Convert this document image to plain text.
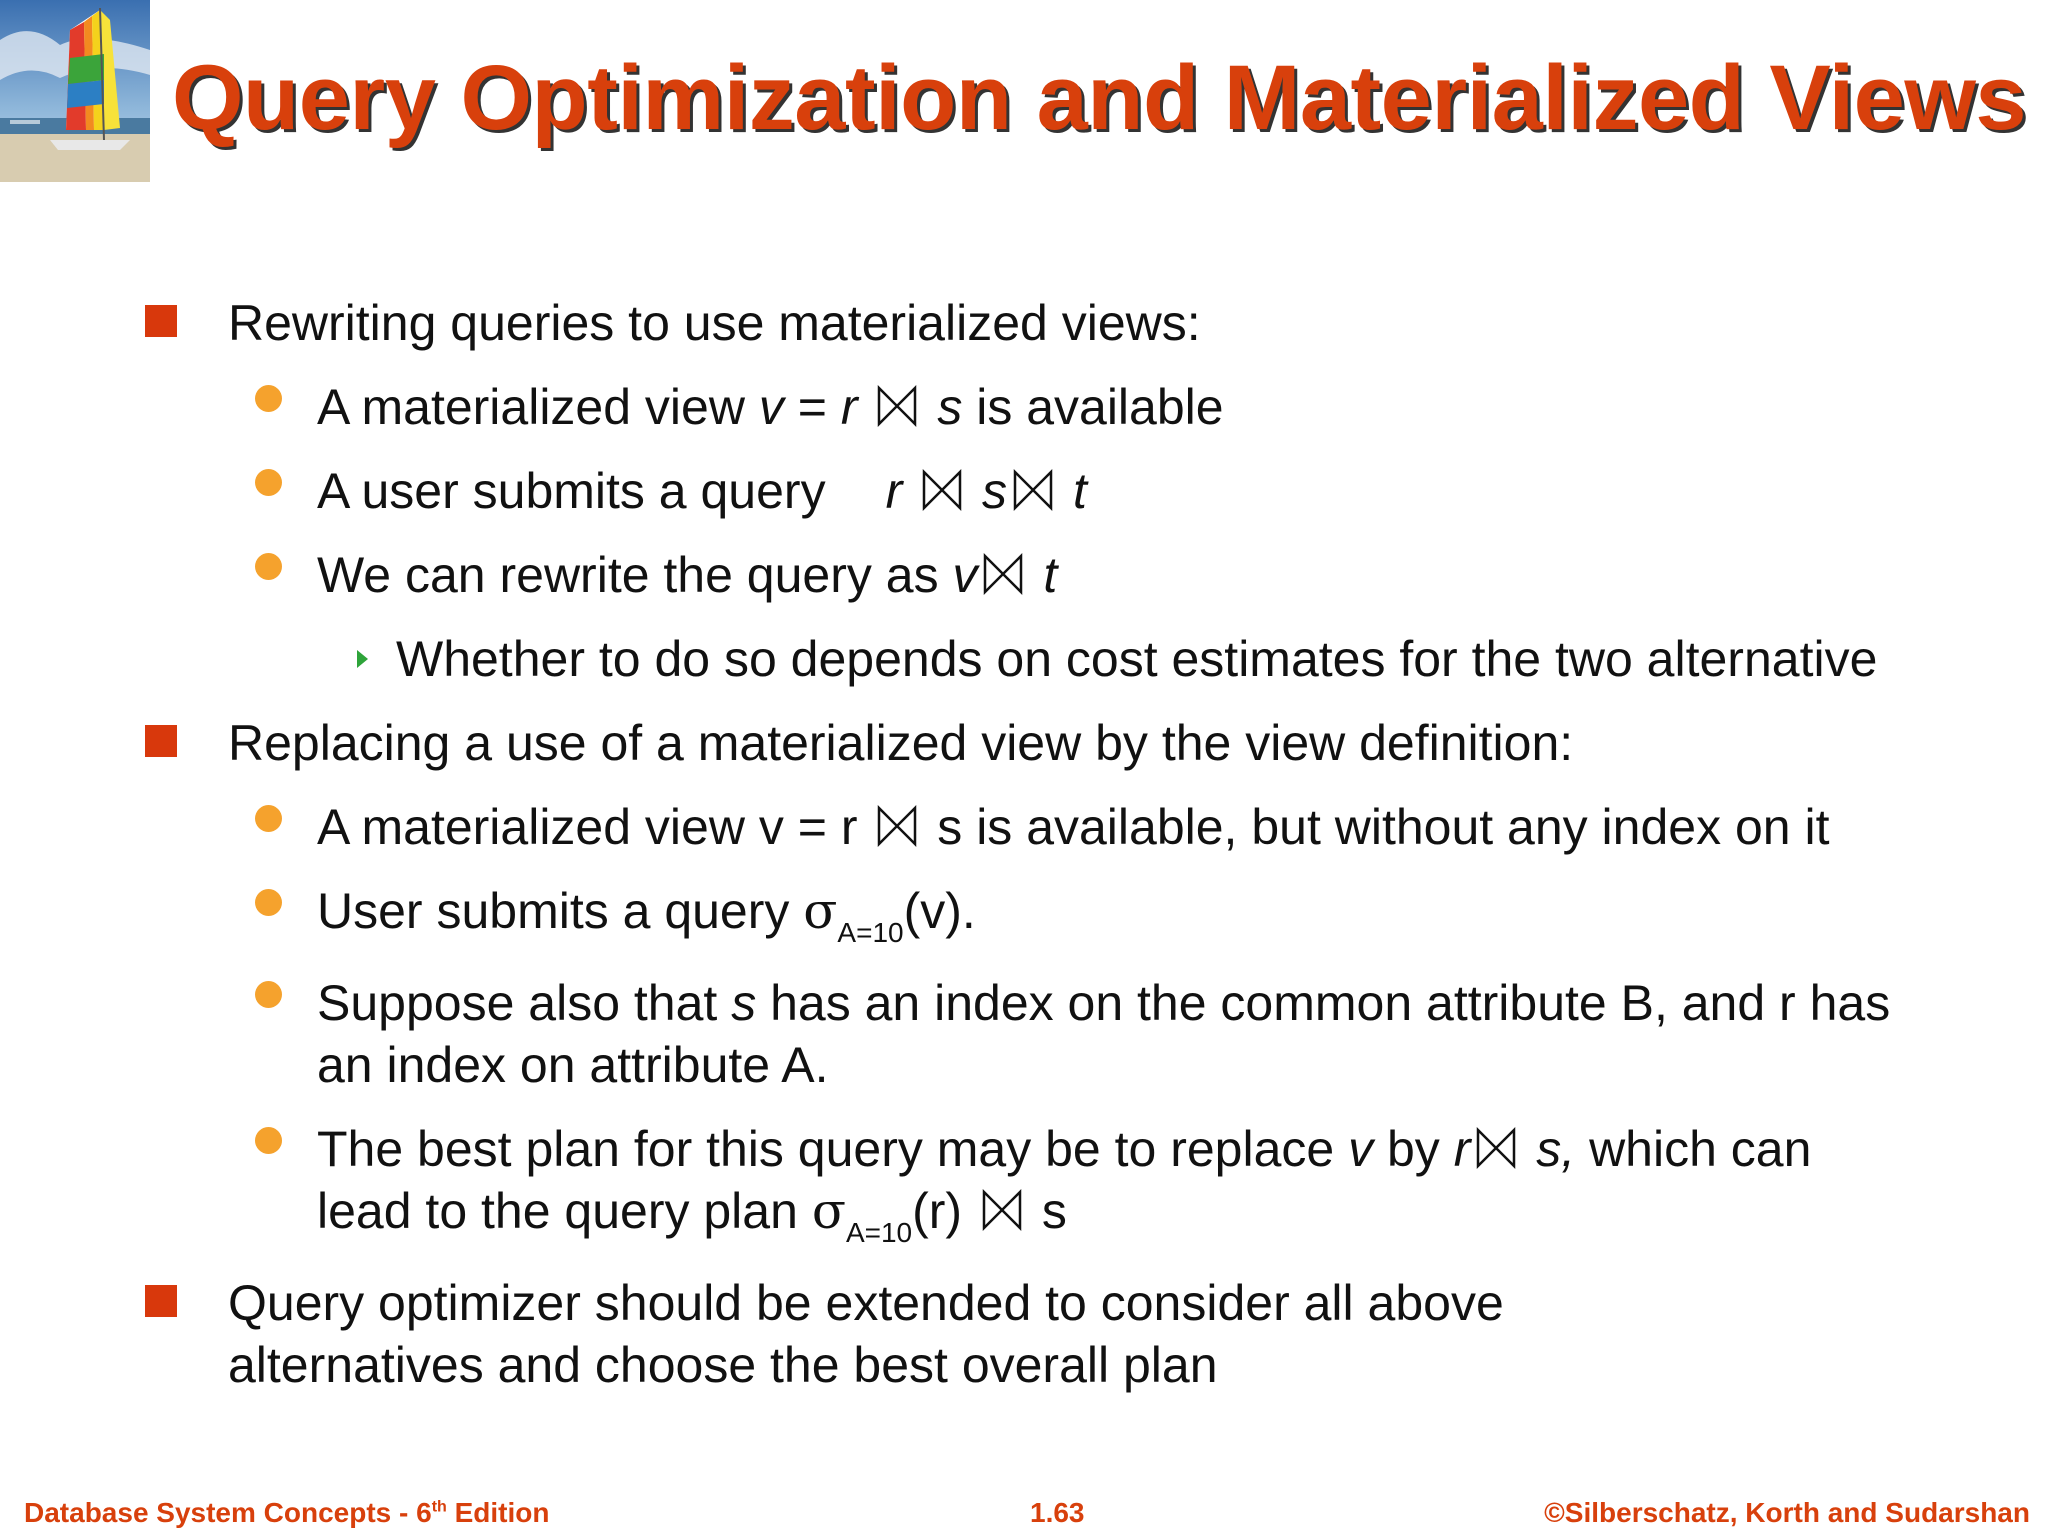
Query Optimization and Materialized Views
Rewriting queries to use materialized views:
A materialized view v = r s is available
A user submits a query r s t
We can rewrite the query as v t
Whether to do so depends on cost estimates for the two alternative
Replacing a use of a materialized view by the view definition:
A materialized view v = r s is available, but without any index on it
User submits a query $\sigma_{A=10}(v)$.
Suppose also that s has an index on the common attribute B, and r has
an index on attribute A.
The best plan for this query may be to replace v by r s, which can
lead to the query plan $\sigma_{A=10}(r)$ s
Query optimizer should be extended to consider all above
alternatives and choose the best overall plan
Database System Concepts - 6th Edition	1.63	©Silberschatz, Korth and Sudarshan
